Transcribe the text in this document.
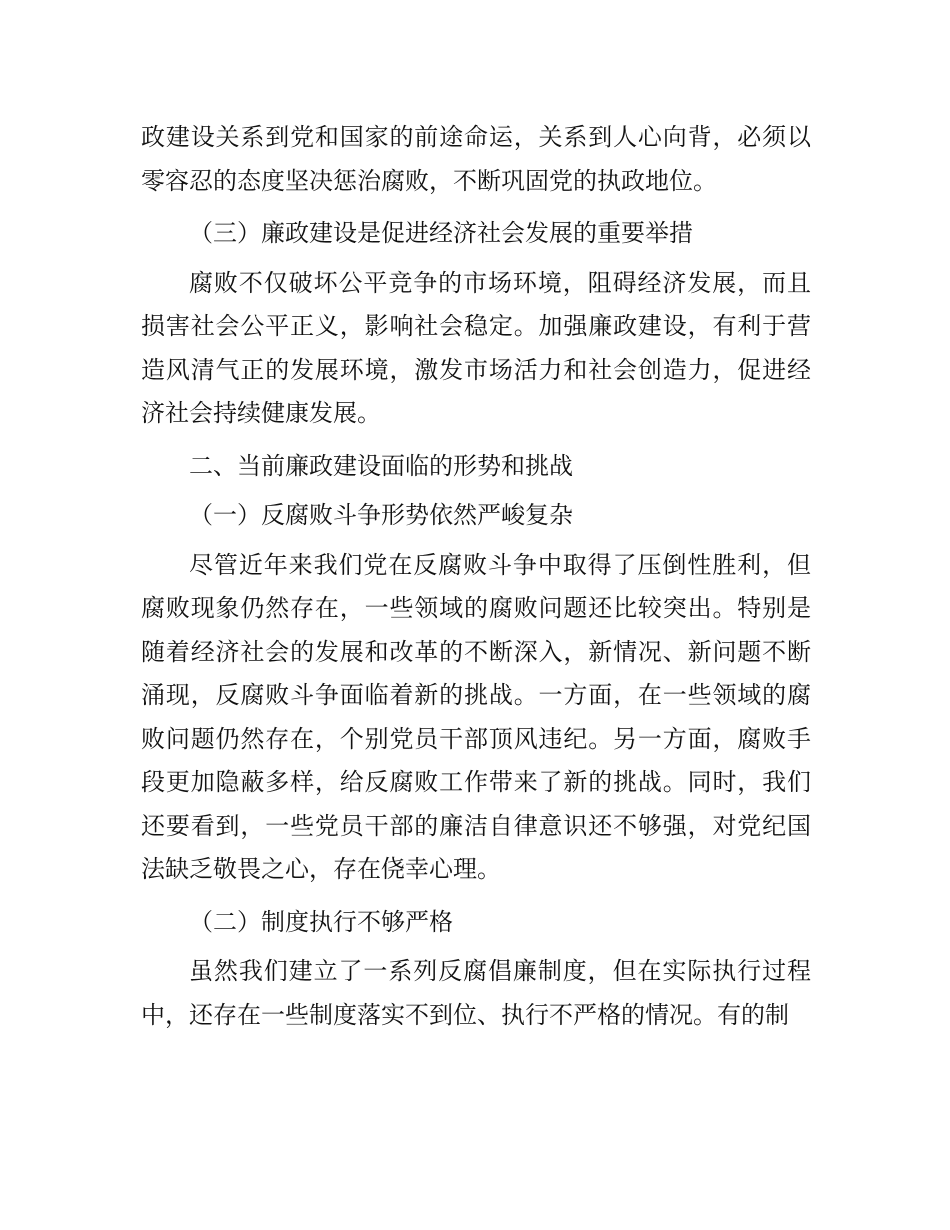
政建设关系到党和国家的前途命运，关系到人心向背，必须以零容忍的态度坚决惩治腐败，不断巩固党的执政地位。

（三）廉政建设是促进经济社会发展的重要举措

腐败不仅破坏公平竞争的市场环境，阻碍经济发展，而且损害社会公平正义，影响社会稳定。加强廉政建设，有利于营造风清气正的发展环境，激发市场活力和社会创造力，促进经济社会持续健康发展。

二、当前廉政建设面临的形势和挑战

（一）反腐败斗争形势依然严峻复杂

尽管近年来我们党在反腐败斗争中取得了压倒性胜利，但腐败现象仍然存在，一些领域的腐败问题还比较突出。特别是随着经济社会的发展和改革的不断深入，新情况、新问题不断涌现，反腐败斗争面临着新的挑战。一方面，在一些领域的腐败问题仍然存在，个别党员干部顶风违纪。另一方面，腐败手段更加隐蔽多样，给反腐败工作带来了新的挑战。同时，我们还要看到，一些党员干部的廉洁自律意识还不够强，对党纪国法缺乏敬畏之心，存在侥幸心理。

（二）制度执行不够严格

虽然我们建立了一系列反腐倡廉制度，但在实际执行过程中，还存在一些制度落实不到位、执行不严格的情况。有的制
